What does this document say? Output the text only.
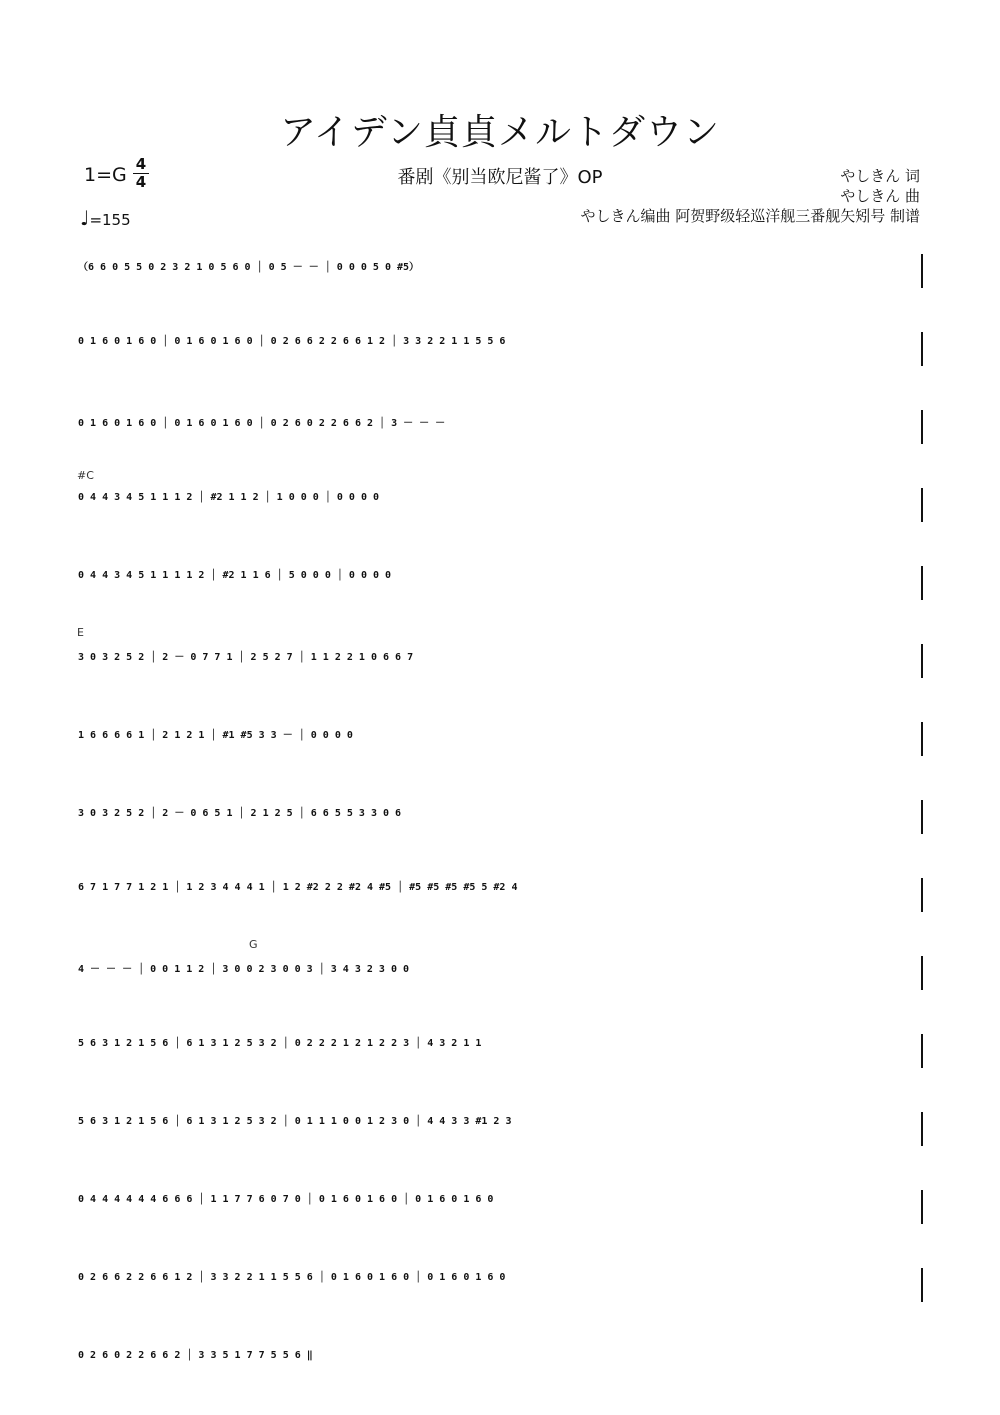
アイデン貞貞メルトダウン
1=G 4
4
♩=155
番剧《别当欧尼酱了》OP	やしきん 词
やしきん 曲
やしきん编曲 阿贺野级轻巡洋舰三番舰矢矧号 制谱
#C
E
G
（6 6 0 5 5 0 2 3 2 1 0 5 6 0 │ 0 5 － － │ 0 0 0 5 0 #5）
0 1 6 0 1 6 0 │ 0 1 6 0 1 6 0 │ 0 2 6 6 2 2 6 6 1 2 │ 3 3 2 2 1 1 5 5 6
0 1 6 0 1 6 0 │ 0 1 6 0 1 6 0 │ 0 2 6 0 2 2 6 6 2 │ 3 － － －
0 4 4 3 4 5 1 1 1 2 │ #2 1 1 2 │ 1 0 0 0 │ 0 0 0 0
0 4 4 3 4 5 1 1 1 1 2 │ #2 1 1 6 │ 5 0 0 0 │ 0 0 0 0
3 0 3 2 5 2 │ 2 － 0 7 7 1 │ 2 5 2 7 │ 1 1 2 2 1 0 6 6 7
1 6 6 6 6 1 │ 2 1 2 1 │ #1 #5 3 3 － │ 0 0 0 0
3 0 3 2 5 2 │ 2 － 0 6 5 1 │ 2 1 2 5 │ 6 6 5 5 3 3 0 6
6 7 1 7 7 1 2 1 │ 1 2 3 4 4 4 1 │ 1 2 #2 2 2 #2 4 #5 │ #5 #5 #5 #5 5 #2 4
4 － － － │ 0 0 1 1 2 │ 3 0 0 2 3 0 0 3 │ 3 4 3 2 3 0 0
5 6 3 1 2 1 5 6 │ 6 1 3 1 2 5 3 2 │ 0 2 2 2 1 2 1 2 2 3 │ 4 3 2 1 1
5 6 3 1 2 1 5 6 │ 6 1 3 1 2 5 3 2 │ 0 1 1 1 0 0 1 2 3 0 │ 4 4 3 3 #1 2 3
0 4 4 4 4 4 4 6 6 6 │ 1 1 7 7 6 0 7 0 │ 0 1 6 0 1 6 0 │ 0 1 6 0 1 6 0
0 2 6 6 2 2 6 6 1 2 │ 3 3 2 2 1 1 5 5 6 │ 0 1 6 0 1 6 0 │ 0 1 6 0 1 6 0
0 2 6 0 2 2 6 6 2 │ 3 3 5 1 7 7 5 5 6 ‖
